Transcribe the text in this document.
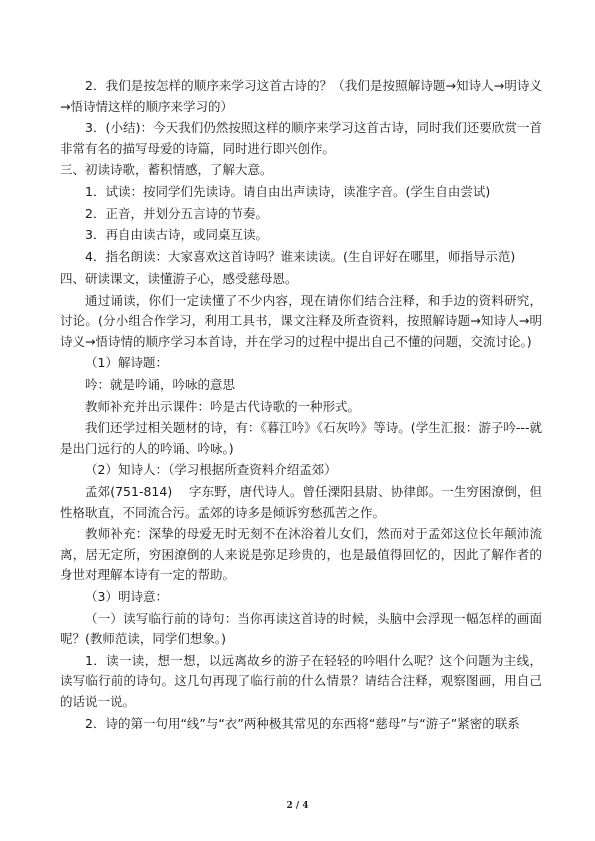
2．我们是按怎样的顺序来学习这首古诗的？（我们是按照解诗题→知诗人→明诗义→悟诗情这样的顺序来学习的）

3．(小结)：今天我们仍然按照这样的顺序来学习这首古诗，同时我们还要欣赏一首非常有名的描写母爱的诗篇，同时进行即兴创作。

三、初读诗歌，蓄积情感，了解大意。

1．试读：按同学们先读诗。请自由出声读诗，读准字音。(学生自由尝试)

2．正音，并划分五言诗的节奏。

3．再自由读古诗，或同桌互读。

4．指名朗读：大家喜欢这首诗吗？谁来读读。(生自评好在哪里，师指导示范)

四、研读课文，读懂游子心，感受慈母恩。

通过诵读，你们一定读懂了不少内容，现在请你们结合注释，和手边的资料研究，讨论。(分小组合作学习，利用工具书，课文注释及所查资料，按照解诗题→知诗人→明诗义→悟诗情的顺序学习本首诗，并在学习的过程中提出自己不懂的问题，交流讨论。)

（1）解诗题：

吟：就是吟诵，吟咏的意思

教师补充并出示课件：吟是古代诗歌的一种形式。

我们还学过相关题材的诗，有：《暮江吟》《石灰吟》等诗。(学生汇报：游子吟---就是出门远行的人的吟诵、吟咏。)

（2）知诗人：（学习根据所查资料介绍孟郊）

孟郊(751-814)　 字东野，唐代诗人。曾任溧阳县尉、协律郎。一生穷困潦倒，但性格耿直，不同流合污。孟郊的诗多是倾诉穷愁孤苦之作。

教师补充：深挚的母爱无时无刻不在沐浴着儿女们，然而对于孟郊这位长年颠沛流离，居无定所，穷困潦倒的人来说是弥足珍贵的，也是最值得回忆的，因此了解作者的身世对理解本诗有一定的帮助。

（3）明诗意：

（一）读写临行前的诗句：当你再读这首诗的时候，头脑中会浮现一幅怎样的画面呢？(教师范读，同学们想象。)

1．读一读，想一想，以远离故乡的游子在轻轻的吟唱什么呢？这个问题为主线，读写临行前的诗句。这几句再现了临行前的什么情景？请结合注释，观察图画，用自己的话说一说。

2．诗的第一句用“线”与“衣”两种极其常见的东西将“慈母”与“游子”紧密的联系

2 / 4
